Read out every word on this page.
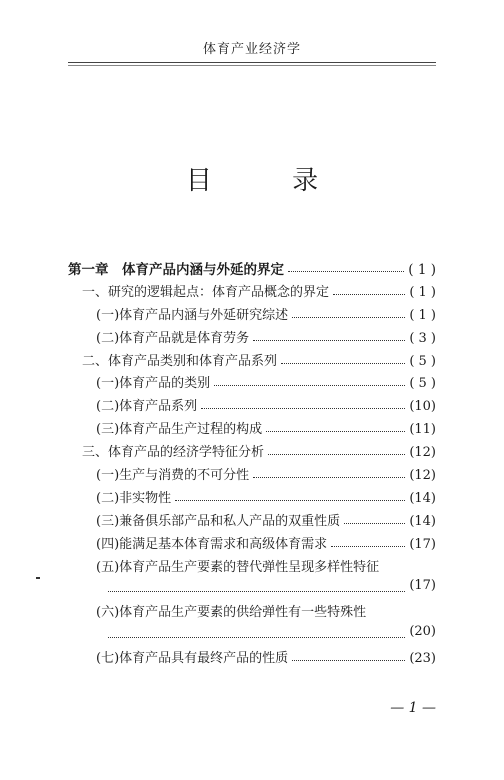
体育产业经济学
目 录
第一章　体育产品内涵与外延的界定	( 1 )
一、研究的逻辑起点：体育产品概念的界定	( 1 )
(一)体育产品内涵与外延研究综述	( 1 )
(二)体育产品就是体育劳务	( 3 )
二、体育产品类别和体育产品系列	( 5 )
(一)体育产品的类别	( 5 )
(二)体育产品系列	(10)
(三)体育产品生产过程的构成	(11)
三、体育产品的经济学特征分析	(12)
(一)生产与消费的不可分性	(12)
(二)非实物性	(14)
(三)兼备俱乐部产品和私人产品的双重性质	(14)
(四)能满足基本体育需求和高级体育需求	(17)
(五)体育产品生产要素的替代弹性呈现多样性特征
(17)
(六)体育产品生产要素的供给弹性有一些特殊性
(20)
(七)体育产品具有最终产品的性质	(23)
— 1 —
